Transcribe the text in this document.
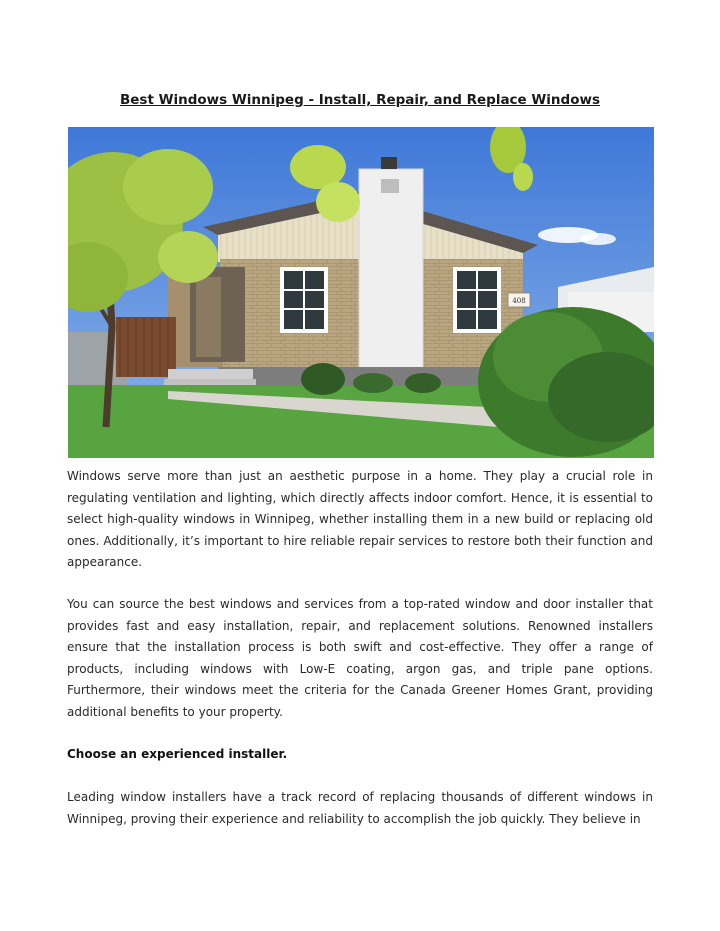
Best Windows Winnipeg - Install, Repair, and Replace Windows
408
Windows serve more than just an aesthetic purpose in a home. They play a crucial role in regulating ventilation and lighting, which directly affects indoor comfort. Hence, it is essential to select high-quality windows in Winnipeg, whether installing them in a new build or replacing old ones. Additionally, it’s important to hire reliable repair services to restore both their function and appearance.
You can source the best windows and services from a top-rated window and door installer that provides fast and easy installation, repair, and replacement solutions. Renowned installers ensure that the installation process is both swift and cost-effective. They offer a range of products, including windows with Low-E coating, argon gas, and triple pane options. Furthermore, their windows meet the criteria for the Canada Greener Homes Grant, providing additional benefits to your property.
Choose an experienced installer.
Leading window installers have a track record of replacing thousands of different windows in Winnipeg, proving their experience and reliability to accomplish the job quickly. They believe in
